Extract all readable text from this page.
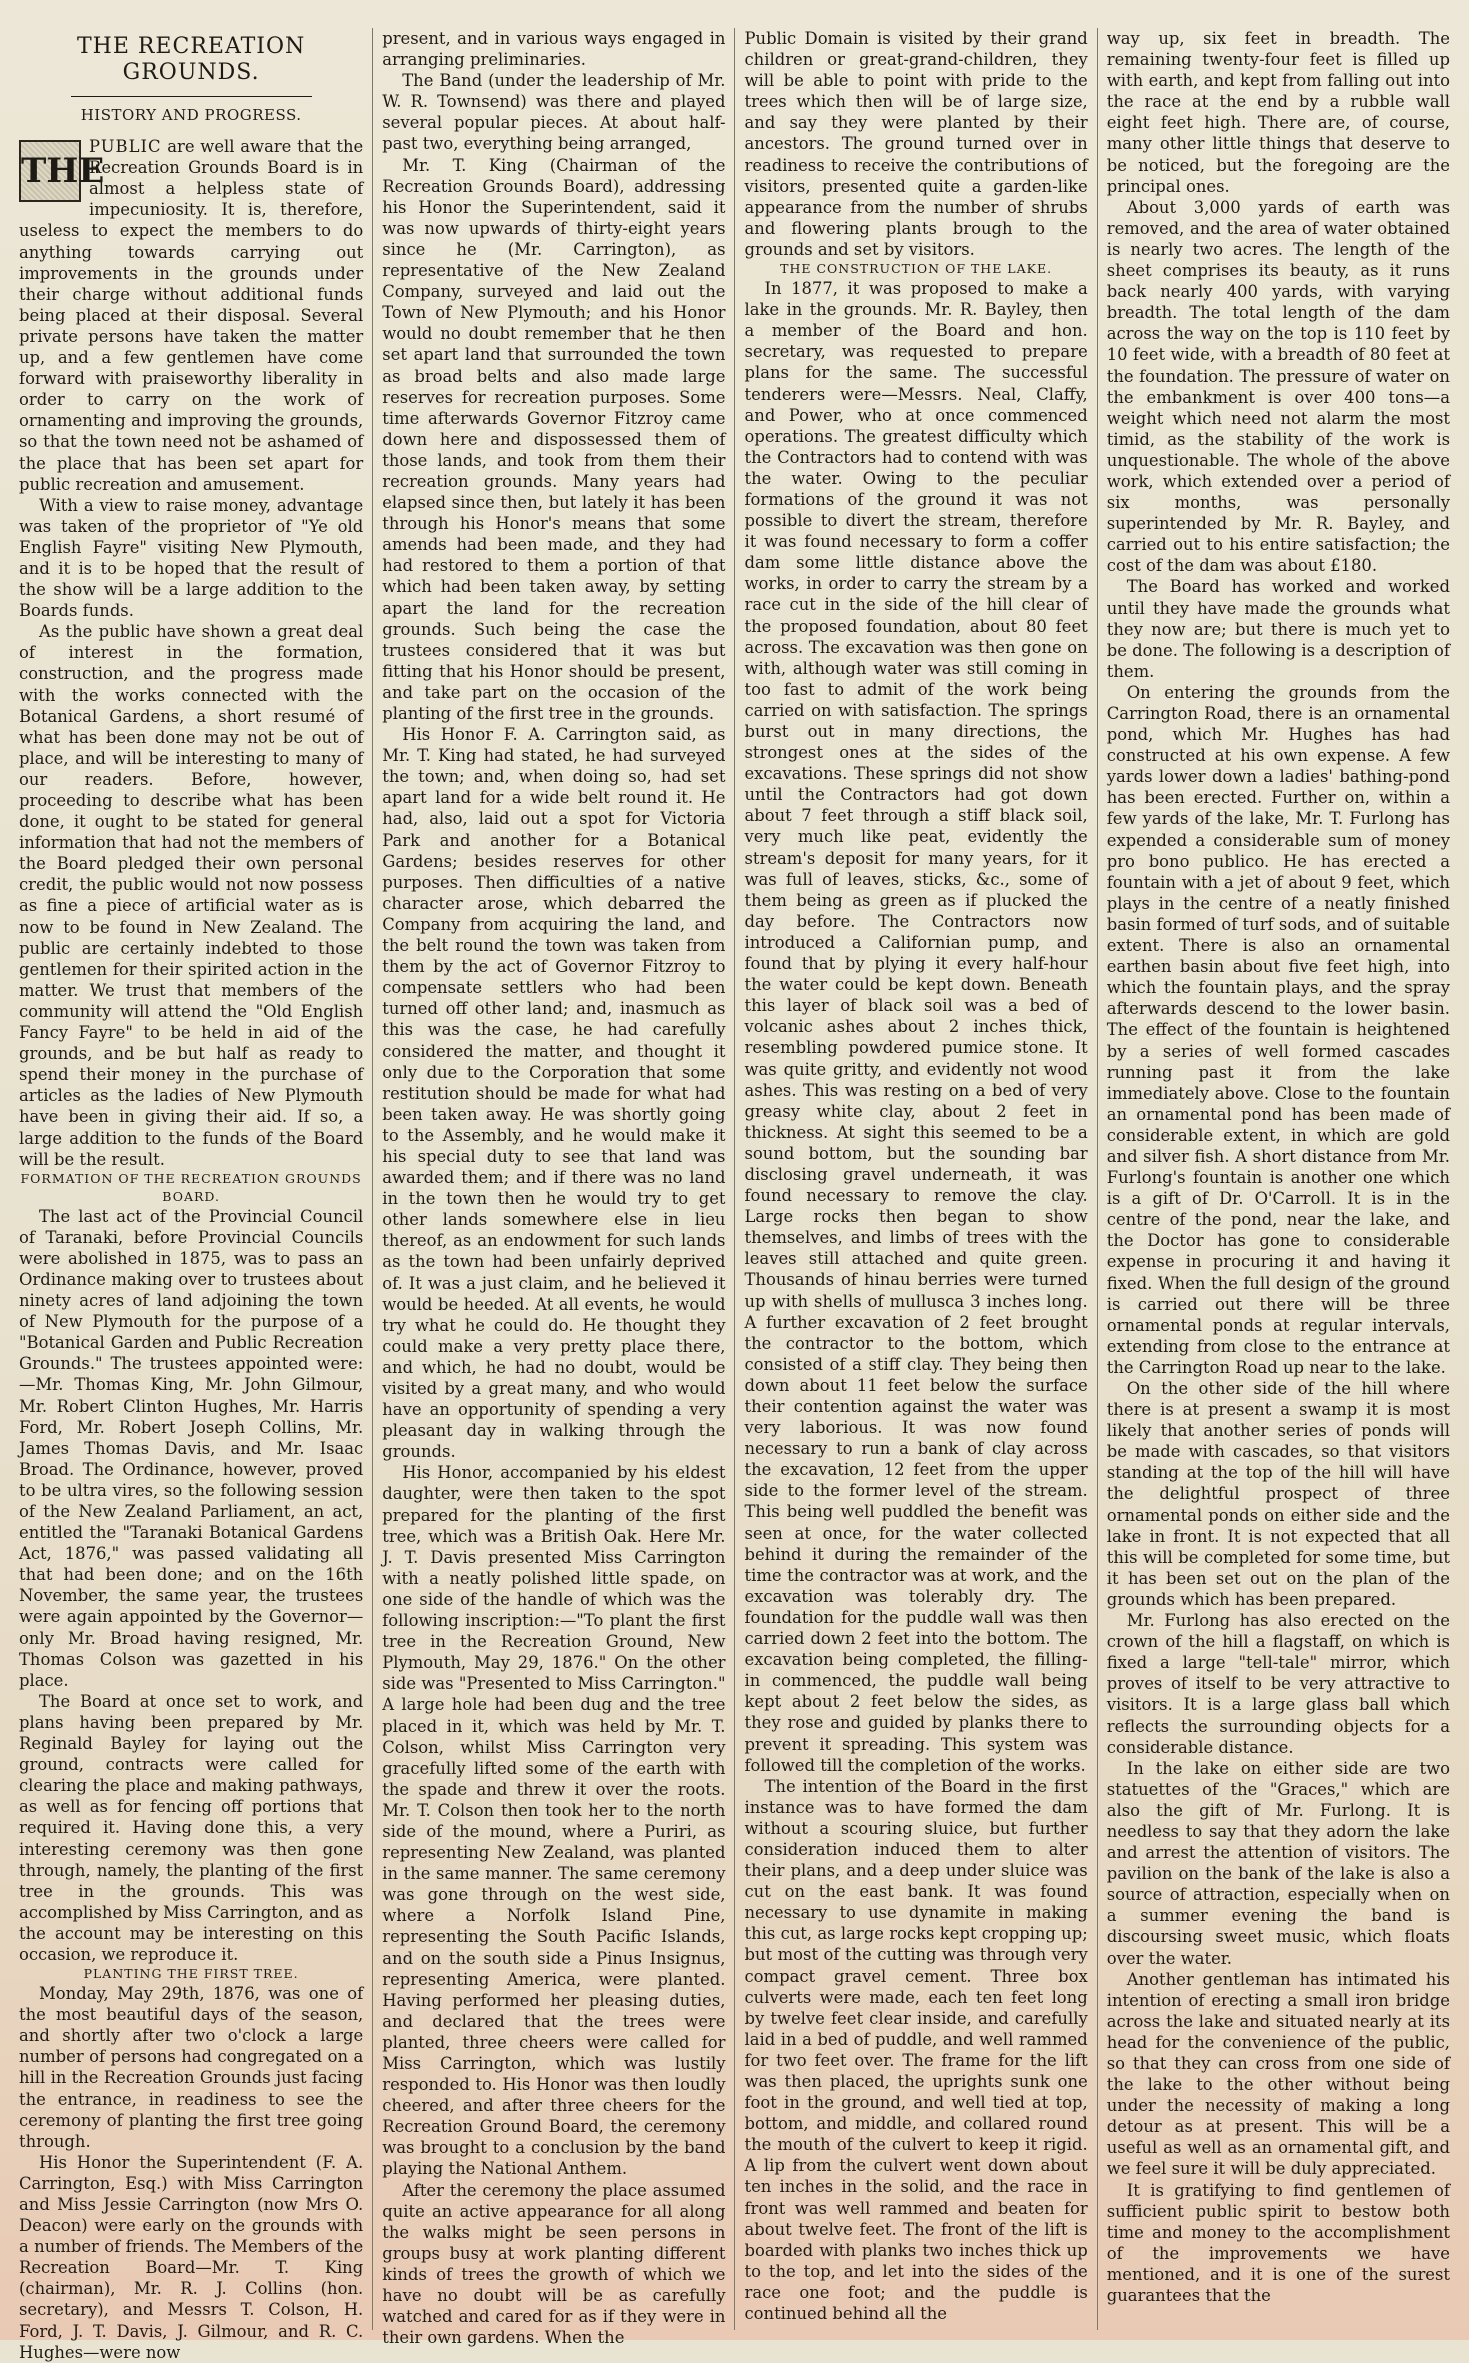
THE RECREATION GROUNDS.
HISTORY AND PROGRESS.

THE
PUBLIC are well aware that the Recreation Grounds Board is in almost a helpless state of impecuniosity. It is, therefore, useless to expect the members to do anything towards carrying out improvements in the grounds under their charge without additional funds being placed at their disposal. Several private persons have taken the matter up, and a few gentlemen have come forward with praiseworthy liberality in order to carry on the work of ornamenting and improving the grounds, so that the town need not be ashamed of the place that has been set apart for public recreation and amusement.

With a view to raise money, advantage was taken of the proprietor of "Ye old English Fayre" visiting New Plymouth, and it is to be hoped that the result of the show will be a large addition to the Boards funds.

As the public have shown a great deal of interest in the formation, construction, and the progress made with the works connected with the Botanical Gardens, a short resumé of what has been done may not be out of place, and will be interesting to many of our readers. Before, however, proceeding to describe what has been done, it ought to be stated for general information that had not the members of the Board pledged their own personal credit, the public would not now possess as fine a piece of artificial water as is now to be found in New Zealand. The public are certainly indebted to those gentlemen for their spirited action in the matter. We trust that members of the community will attend the "Old English Fancy Fayre" to be held in aid of the grounds, and be but half as ready to spend their money in the purchase of articles as the ladies of New Plymouth have been in giving their aid. If so, a large addition to the funds of the Board will be the result.

FORMATION OF THE RECREATION GROUNDS BOARD.

The last act of the Provincial Council of Taranaki, before Provincial Councils were abolished in 1875, was to pass an Ordinance making over to trustees about ninety acres of land adjoining the town of New Plymouth for the purpose of a "Botanical Garden and Public Recreation Grounds." The trustees appointed were:—Mr. Thomas King, Mr. John Gilmour, Mr. Robert Clinton Hughes, Mr. Harris Ford, Mr. Robert Joseph Collins, Mr. James Thomas Davis, and Mr. Isaac Broad. The Ordinance, however, proved to be ultra vires, so the following session of the New Zealand Parliament, an act, entitled the "Taranaki Botanical Gardens Act, 1876," was passed validating all that had been done; and on the 16th November, the same year, the trustees were again appointed by the Governor—only Mr. Broad having resigned, Mr. Thomas Colson was gazetted in his place.

The Board at once set to work, and plans having been prepared by Mr. Reginald Bayley for laying out the ground, contracts were called for clearing the place and making pathways, as well as for fencing off portions that required it. Having done this, a very interesting ceremony was then gone through, namely, the planting of the first tree in the grounds. This was accomplished by Miss Carrington, and as the account may be interesting on this occasion, we reproduce it.

PLANTING THE FIRST TREE.

Monday, May 29th, 1876, was one of the most beautiful days of the season, and shortly after two o'clock a large number of persons had congregated on a hill in the Recreation Grounds just facing the entrance, in readiness to see the ceremony of planting the first tree going through.

His Honor the Superintendent (F. A. Carrington, Esq.) with Miss Carrington and Miss Jessie Carrington (now Mrs O. Deacon) were early on the grounds with a number of friends. The Members of the Recreation Board—Mr. T. King (chairman), Mr. R. J. Collins (hon. secretary), and Messrs T. Colson, H. Ford, J. T. Davis, J. Gilmour, and R. C. Hughes—were now

present, and in various ways engaged in arranging preliminaries.

The Band (under the leadership of Mr. W. R. Townsend) was there and played several popular pieces. At about half-past two, everything being arranged,

Mr. T. King (Chairman of the Recreation Grounds Board), addressing his Honor the Superintendent, said it was now upwards of thirty-eight years since he (Mr. Carrington), as representative of the New Zealand Company, surveyed and laid out the Town of New Plymouth; and his Honor would no doubt remember that he then set apart land that surrounded the town as broad belts and also made large reserves for recreation purposes. Some time afterwards Governor Fitzroy came down here and dispossessed them of those lands, and took from them their recreation grounds. Many years had elapsed since then, but lately it has been through his Honor's means that some amends had been made, and they had had restored to them a portion of that which had been taken away, by setting apart the land for the recreation grounds. Such being the case the trustees considered that it was but fitting that his Honor should be present, and take part on the occasion of the planting of the first tree in the grounds.

His Honor F. A. Carrington said, as Mr. T. King had stated, he had surveyed the town; and, when doing so, had set apart land for a wide belt round it. He had, also, laid out a spot for Victoria Park and another for a Botanical Gardens; besides reserves for other purposes. Then difficulties of a native character arose, which debarred the Company from acquiring the land, and the belt round the town was taken from them by the act of Governor Fitzroy to compensate settlers who had been turned off other land; and, inasmuch as this was the case, he had carefully considered the matter, and thought it only due to the Corporation that some restitution should be made for what had been taken away. He was shortly going to the Assembly, and he would make it his special duty to see that land was awarded them; and if there was no land in the town then he would try to get other lands somewhere else in lieu thereof, as an endowment for such lands as the town had been unfairly deprived of. It was a just claim, and he believed it would be heeded. At all events, he would try what he could do. He thought they could make a very pretty place there, and which, he had no doubt, would be visited by a great many, and who would have an opportunity of spending a very pleasant day in walking through the grounds.

His Honor, accompanied by his eldest daughter, were then taken to the spot prepared for the planting of the first tree, which was a British Oak. Here Mr. J. T. Davis presented Miss Carrington with a neatly polished little spade, on one side of the handle of which was the following inscription:—"To plant the first tree in the Recreation Ground, New Plymouth, May 29, 1876." On the other side was "Presented to Miss Carrington." A large hole had been dug and the tree placed in it, which was held by Mr. T. Colson, whilst Miss Carrington very gracefully lifted some of the earth with the spade and threw it over the roots. Mr. T. Colson then took her to the north side of the mound, where a Puriri, as representing New Zealand, was planted in the same manner. The same ceremony was gone through on the west side, where a Norfolk Island Pine, representing the South Pacific Islands, and on the south side a Pinus Insignus, representing America, were planted. Having performed her pleasing duties, and declared that the trees were planted, three cheers were called for Miss Carrington, which was lustily responded to. His Honor was then loudly cheered, and after three cheers for the Recreation Ground Board, the ceremony was brought to a conclusion by the band playing the National Anthem.

After the ceremony the place assumed quite an active appearance for all along the walks might be seen persons in groups busy at work planting different kinds of trees the growth of which we have no doubt will be as carefully watched and cared for as if they were in their own gardens. When the

Public Domain is visited by their grand children or great-grand-children, they will be able to point with pride to the trees which then will be of large size, and say they were planted by their ancestors. The ground turned over in readiness to receive the contributions of visitors, presented quite a garden-like appearance from the number of shrubs and flowering plants brough to the grounds and set by visitors.

THE CONSTRUCTION OF THE LAKE.

In 1877, it was proposed to make a lake in the grounds. Mr. R. Bayley, then a member of the Board and hon. secretary, was requested to prepare plans for the same. The successful tenderers were—Messrs. Neal, Claffy, and Power, who at once commenced operations. The greatest difficulty which the Contractors had to contend with was the water. Owing to the peculiar formations of the ground it was not possible to divert the stream, therefore it was found necessary to form a coffer dam some little distance above the works, in order to carry the stream by a race cut in the side of the hill clear of the proposed foundation, about 80 feet across. The excavation was then gone on with, although water was still coming in too fast to admit of the work being carried on with satisfaction. The springs burst out in many directions, the strongest ones at the sides of the excavations. These springs did not show until the Contractors had got down about 7 feet through a stiff black soil, very much like peat, evidently the stream's deposit for many years, for it was full of leaves, sticks, &c., some of them being as green as if plucked the day before. The Contractors now introduced a Californian pump, and found that by plying it every half-hour the water could be kept down. Beneath this layer of black soil was a bed of volcanic ashes about 2 inches thick, resembling powdered pumice stone. It was quite gritty, and evidently not wood ashes. This was resting on a bed of very greasy white clay, about 2 feet in thickness. At sight this seemed to be a sound bottom, but the sounding bar disclosing gravel underneath, it was found necessary to remove the clay. Large rocks then began to show themselves, and limbs of trees with the leaves still attached and quite green. Thousands of hinau berries were turned up with shells of mullusca 3 inches long. A further excavation of 2 feet brought the contractor to the bottom, which consisted of a stiff clay. They being then down about 11 feet below the surface their contention against the water was very laborious. It was now found necessary to run a bank of clay across the excavation, 12 feet from the upper side to the former level of the stream. This being well puddled the benefit was seen at once, for the water collected behind it during the remainder of the time the contractor was at work, and the excavation was tolerably dry. The foundation for the puddle wall was then carried down 2 feet into the bottom. The excavation being completed, the filling-in commenced, the puddle wall being kept about 2 feet below the sides, as they rose and guided by planks there to prevent it spreading. This system was followed till the completion of the works.

The intention of the Board in the first instance was to have formed the dam without a scouring sluice, but further consideration induced them to alter their plans, and a deep under sluice was cut on the east bank. It was found necessary to use dynamite in making this cut, as large rocks kept cropping up; but most of the cutting was through very compact gravel cement. Three box culverts were made, each ten feet long by twelve feet clear inside, and carefully laid in a bed of puddle, and well rammed for two feet over. The frame for the lift was then placed, the uprights sunk one foot in the ground, and well tied at top, bottom, and middle, and collared round the mouth of the culvert to keep it rigid. A lip from the culvert went down about ten inches in the solid, and the race in front was well rammed and beaten for about twelve feet. The front of the lift is boarded with planks two inches thick up to the top, and let into the sides of the race one foot; and the puddle is continued behind all the

way up, six feet in breadth. The remaining twenty-four feet is filled up with earth, and kept from falling out into the race at the end by a rubble wall eight feet high. There are, of course, many other little things that deserve to be noticed, but the foregoing are the principal ones.

About 3,000 yards of earth was removed, and the area of water obtained is nearly two acres. The length of the sheet comprises its beauty, as it runs back nearly 400 yards, with varying breadth. The total length of the dam across the way on the top is 110 feet by 10 feet wide, with a breadth of 80 feet at the foundation. The pressure of water on the embankment is over 400 tons—a weight which need not alarm the most timid, as the stability of the work is unquestionable. The whole of the above work, which extended over a period of six months, was personally superintended by Mr. R. Bayley, and carried out to his entire satisfaction; the cost of the dam was about £180.

The Board has worked and worked until they have made the grounds what they now are; but there is much yet to be done. The following is a description of them.

On entering the grounds from the Carrington Road, there is an ornamental pond, which Mr. Hughes has had constructed at his own expense. A few yards lower down a ladies' bathing-pond has been erected. Further on, within a few yards of the lake, Mr. T. Furlong has expended a considerable sum of money pro bono publico. He has erected a fountain with a jet of about 9 feet, which plays in the centre of a neatly finished basin formed of turf sods, and of suitable extent. There is also an ornamental earthen basin about five feet high, into which the fountain plays, and the spray afterwards descend to the lower basin. The effect of the fountain is heightened by a series of well formed cascades running past it from the lake immediately above. Close to the fountain an ornamental pond has been made of considerable extent, in which are gold and silver fish. A short distance from Mr. Furlong's fountain is another one which is a gift of Dr. O'Carroll. It is in the centre of the pond, near the lake, and the Doctor has gone to considerable expense in procuring it and having it fixed. When the full design of the ground is carried out there will be three ornamental ponds at regular intervals, extending from close to the entrance at the Carrington Road up near to the lake.

On the other side of the hill where there is at present a swamp it is most likely that another series of ponds will be made with cascades, so that visitors standing at the top of the hill will have the delightful prospect of three ornamental ponds on either side and the lake in front. It is not expected that all this will be completed for some time, but it has been set out on the plan of the grounds which has been prepared.

Mr. Furlong has also erected on the crown of the hill a flagstaff, on which is fixed a large "tell-tale" mirror, which proves of itself to be very attractive to visitors. It is a large glass ball which reflects the surrounding objects for a considerable distance.

In the lake on either side are two statuettes of the "Graces," which are also the gift of Mr. Furlong. It is needless to say that they adorn the lake and arrest the attention of visitors. The pavilion on the bank of the lake is also a source of attraction, especially when on a summer evening the band is discoursing sweet music, which floats over the water.

Another gentleman has intimated his intention of erecting a small iron bridge across the lake and situated nearly at its head for the convenience of the public, so that they can cross from one side of the lake to the other without being under the necessity of making a long detour as at present. This will be a useful as well as an ornamental gift, and we feel sure it will be duly appreciated.

It is gratifying to find gentlemen of sufficient public spirit to bestow both time and money to the accomplishment of the improvements we have mentioned, and it is one of the surest guarantees that the
